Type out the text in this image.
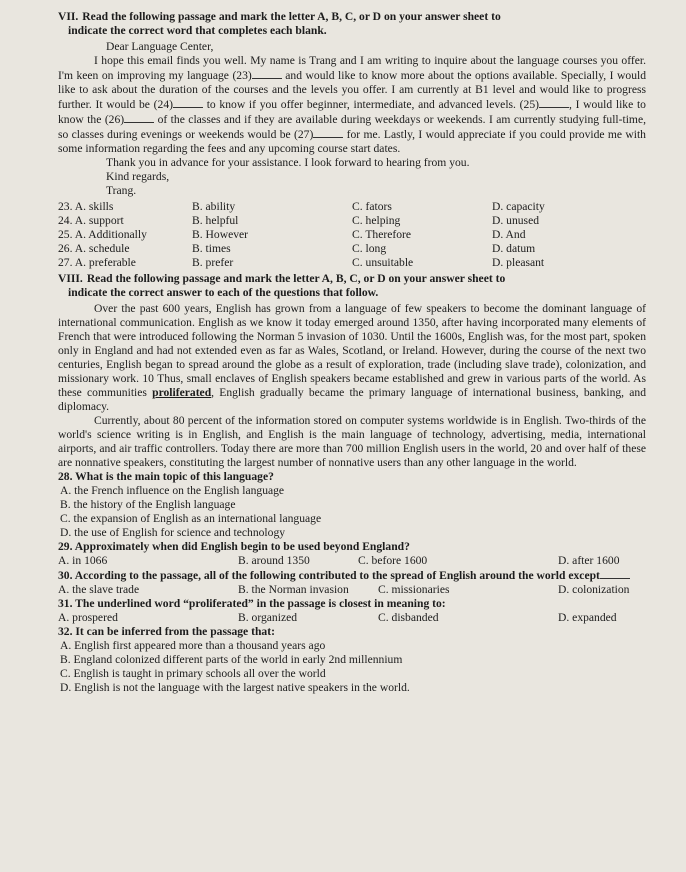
VII. Read the following passage and mark the letter A, B, C, or D on your answer sheet to

indicate the correct word that completes each blank.
Dear Language Center,

I hope this email finds you well. My name is Trang and I am writing to inquire about the language courses you offer. I'm keen on improving my language (23)	and would like to know more about the options available. Specially, I would like to ask about the duration of the courses and the levels you offer. I am currently at B1 level and would like to progress further. It would be (24)	to know if you offer beginner, intermediate, and advanced levels. (25)	, I would like to know the (26)	of the classes and if they are available during weekdays or weekends. I am currently studying full-time, so classes during evenings or weekends would be (27)	for me. Lastly, I would appreciate if you could provide me with some information regarding the fees and any upcoming course start dates.

Thank you in advance for your assistance. I look forward to hearing from you.
Kind regards,
Trang.
23. A. skills	B. ability	C. fators	D. capacity
24. A. support	B. helpful	C. helping	D. unused
25. A. Additionally	B. However	C. Therefore	D. And
26. A. schedule	B. times	C. long	D. datum
27. A. preferable	B. prefer	C. unsuitable	D. pleasant

VIII. Read the following passage and mark the letter A, B, C, or D on your answer sheet to

indicate the correct answer to each of the questions that follow.

Over the past 600 years, English has grown from a language of few speakers to become the dominant language of international communication. English as we know it today emerged around 1350, after having incorporated many elements of French that were introduced following the Norman 5 invasion of 1030. Until the 1600s, English was, for the most part, spoken only in England and had not extended even as far as Wales, Scotland, or Ireland. However, during the course of the next two centuries, English began to spread around the globe as a result of exploration, trade (including slave trade), colonization, and missionary work. 10 Thus, small enclaves of English speakers became established and grew in various parts of the world. As these communities proliferated, English gradually became the primary language of international business, banking, and diplomacy.

Currently, about 80 percent of the information stored on computer systems worldwide is in English. Two-thirds of the world's science writing is in English, and English is the main language of technology, advertising, media, international airports, and air traffic controllers. Today there are more than 700 million English users in the world, 20 and over half of these are nonnative speakers, constituting the largest number of nonnative users than any other language in the world.

28. What is the main topic of this language?

A. the French influence on the English language
B. the history of the English language
C. the expansion of English as an international language
D. the use of English for science and technology

29. Approximately when did English begin to be used beyond England?

A. in 1066	B. around 1350	C. before 1600	D. after 1600

30. According to the passage, all of the following contributed to the spread of English around the world except

A. the slave trade	B. the Norman invasion	C. missionaries	D. colonization

31. The underlined word “proliferated” in the passage is closest in meaning to:

A. prospered	B. organized	C. disbanded	D. expanded

32. It can be inferred from the passage that:

A. English first appeared more than a thousand years ago
B. England colonized different parts of the world in early 2nd millennium
C. English is taught in primary schools all over the world
D. English is not the language with the largest native speakers in the world.
